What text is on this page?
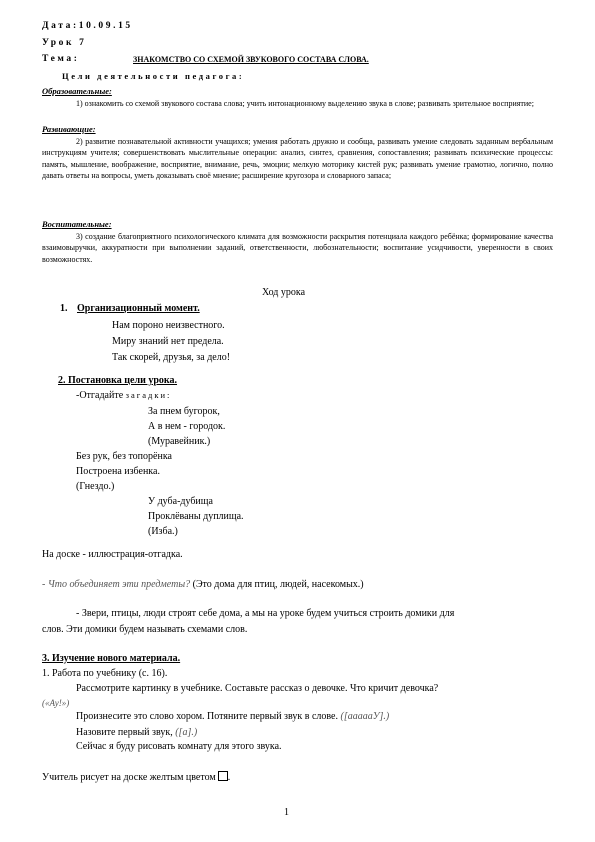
Дата:10.09.15
Урок 7
Тема:	ЗНАКОМСТВО СО СХЕМОЙ ЗВУКОВОГО СОСТАВА СЛОВА.
Цели деятельности педагога:
Образовательные:
1) ознакомить со схемой звукового состава слова; учить интонационному выделению звука в слове; развивать зрительное восприятие;
Развивающие:
2) развитие познавательной активности учащихся; умения работать дружно и сообща, развивать умение следовать заданным вербальным инструкциям учителя; совершенствовать мыслительные операции: анализ, синтез, сравнения, сопоставления; развивать психические процессы: память, мышление, воображение, восприятие, внимание, речь, эмоции; мелкую моторику кистей рук; развивать умение грамотно, логично, полно давать ответы на вопросы, уметь доказывать своё мнение; расширение кругозора и словарного запаса;
Воспитательные:
3) создание благоприятного психологического климата для возможности раскрытия потенциала каждого ребёнка; формирование качества взаимовыручки, аккуратности при выполнении заданий, ответственности, любознательности; воспитание усидчивости, уверенности в своих возможностях.
Ход урока
1. Организационный момент.
Нам пороно неизвестного.
Миру знаний нет предела.
Так скорей, друзья, за дело!
2. Постановка цели урока.
-Отгадайте загадки:
За пнем бугорок,
А в нем - городок.
(Муравейник.)
Без рук, без топорёнка
Построена избенка.
(Гнездо.)
У дуба-дубища
Проклёваны дуплища.
(Изба.)
На доске - иллюстрация-отгадка.
- Что объединяет эти предметы? (Это дома для птиц, людей, насекомых.)
- Звери, птицы, люди строят себе дома, а мы на уроке будем учиться строить домики для
слов. Эти домики будем называть схемами слов.
3. Изучение нового материала.
1. Работа по учебнику (с. 16).
Рассмотрите картинку в учебнике. Составьте рассказ о девочке. Что кричит девочка?
(«Ау!»)
Произнесите это слово хором. Потяните первый звук в слове. ([аааааУ].)
Назовите первый звук, ([а].)
Сейчас я буду рисовать комнату для этого звука.
Учитель рисует на доске желтым цветом .
1
